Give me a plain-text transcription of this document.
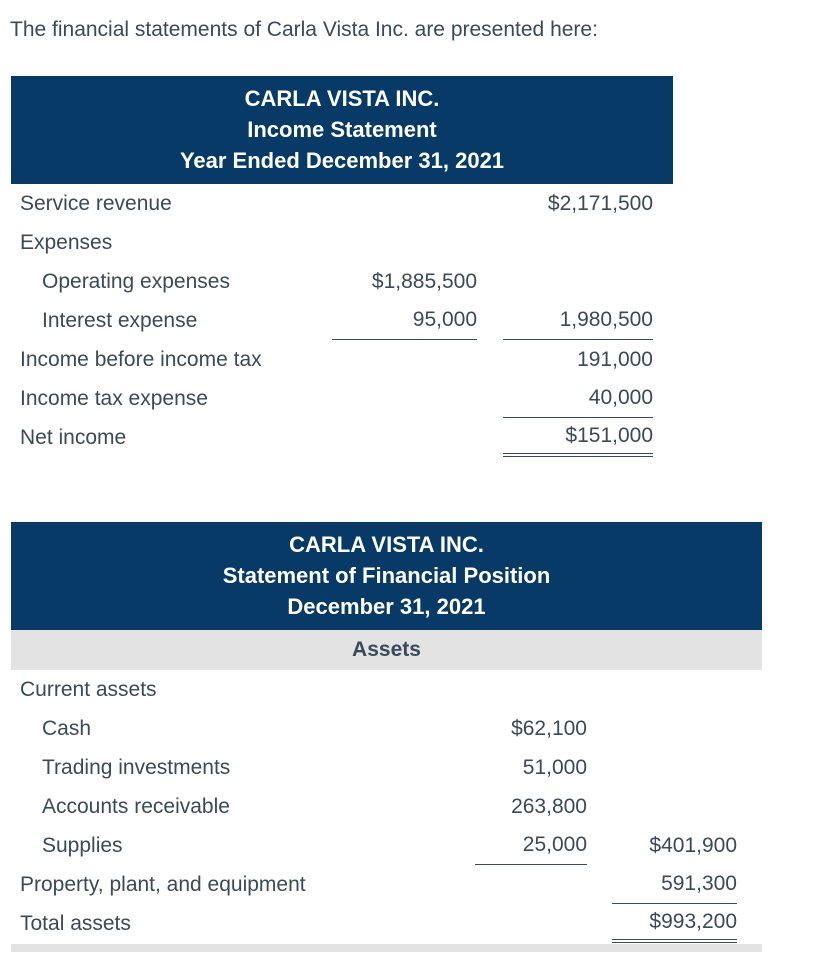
The financial statements of Carla Vista Inc. are presented here:

CARLA VISTA INC.
Income Statement
Year Ended December 31, 2021
Service revenue	$2,171,500
Expenses
Operating expenses	$1,885,500
Interest expense	95,000	1,980,500
Income before income tax	191,000
Income tax expense	40,000
Net income	$151,000
CARLA VISTA INC.
Statement of Financial Position
December 31, 2021
Assets
Current assets
Cash	$62,100
Trading investments	51,000
Accounts receivable	263,800
Supplies	25,000	$401,900
Property, plant, and equipment	591,300
Total assets	$993,200
